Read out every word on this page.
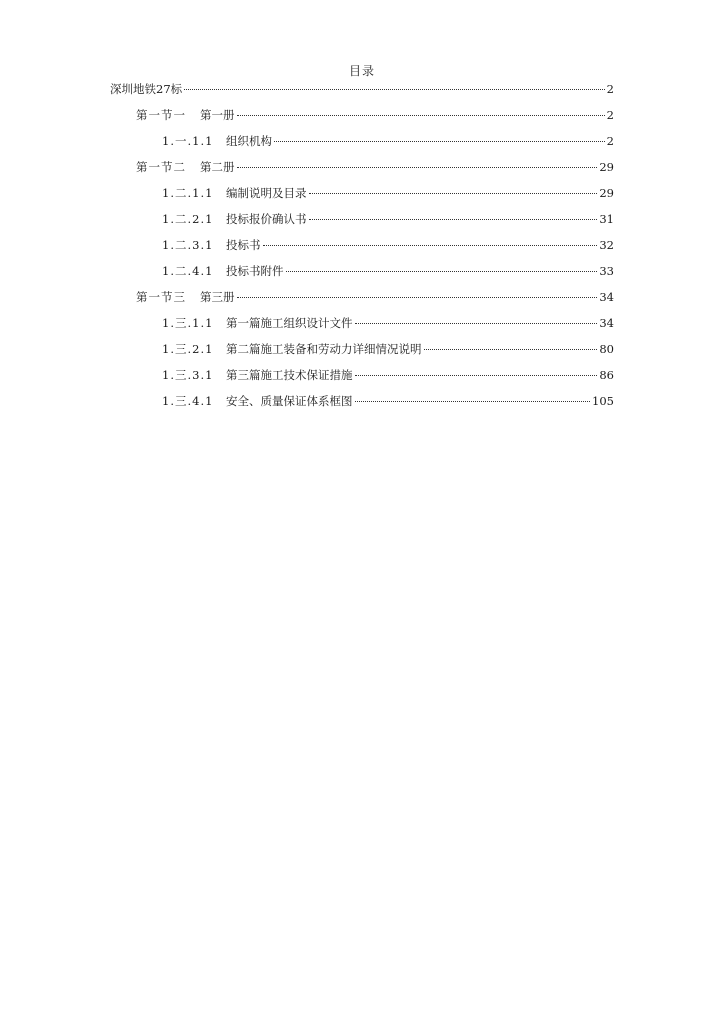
目录
深圳地铁27标	2
第一节一	第一册	2
1.一.1.1	组织机构	2
第一节二	第二册	29
1.二.1.1	编制说明及目录	29
1.二.2.1	投标报价确认书	31
1.二.3.1	投标书	32
1.二.4.1	投标书附件	33
第一节三	第三册	34
1.三.1.1	第一篇施工组织设计文件	34
1.三.2.1	第二篇施工装备和劳动力详细情况说明	80
1.三.3.1	第三篇施工技术保证措施	86
1.三.4.1	安全、质量保证体系框图	105
